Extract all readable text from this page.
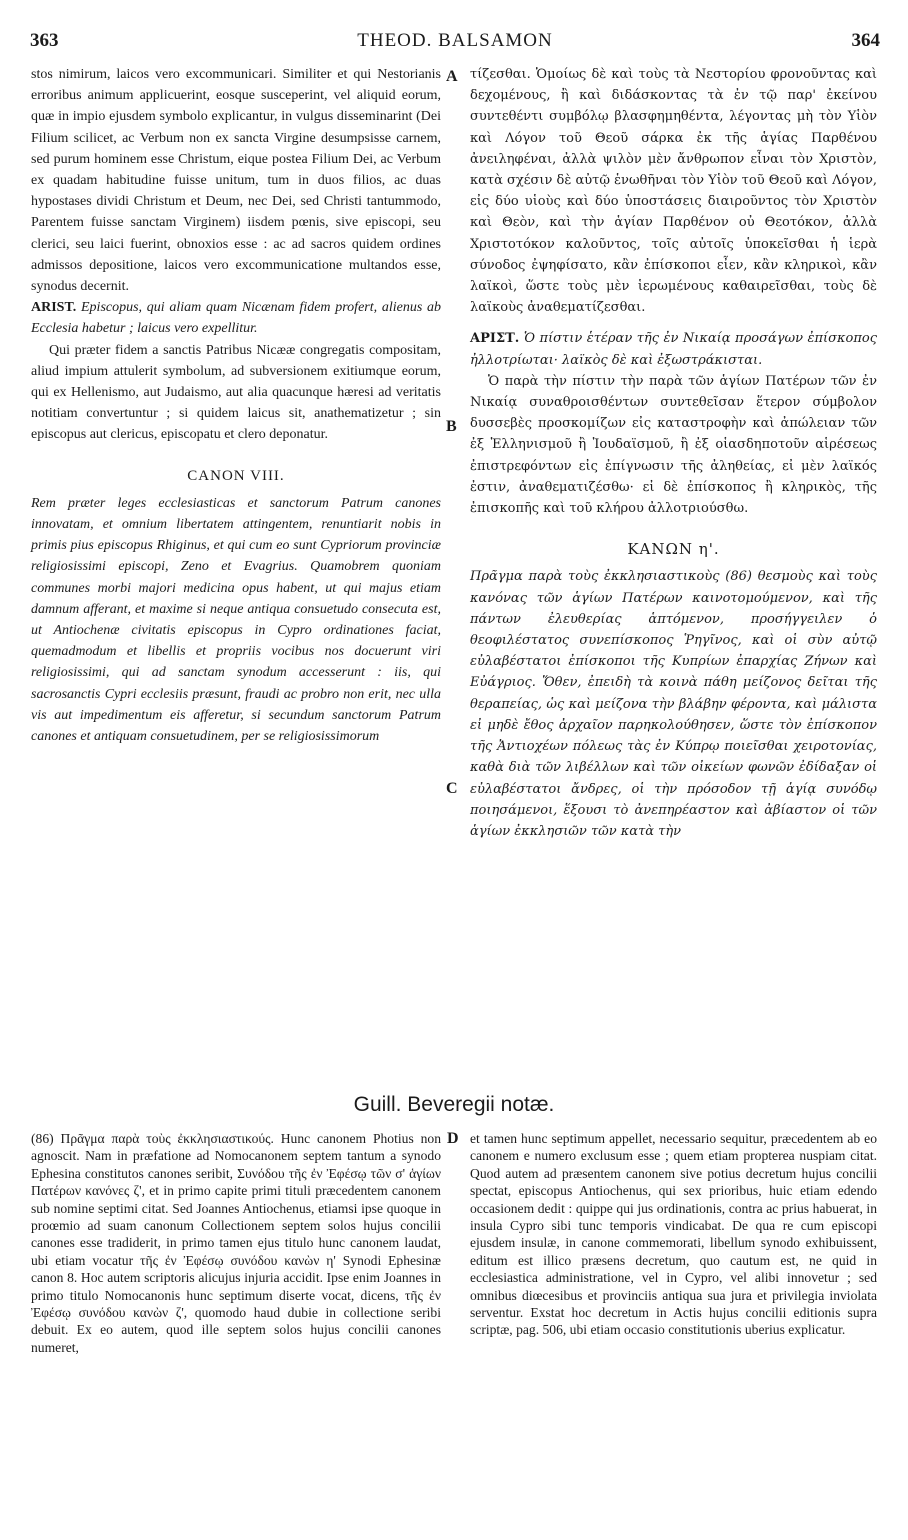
363	THEOD. BALSAMON	364
A
B
C
D

stos nimirum, laicos vero excommunicari. Similiter et qui Nestorianis erroribus animum applicuerint, eosque susceperint, vel aliquid eorum, quæ in impio ejusdem symbolo explicantur, in vulgus disseminarint (Dei Filium scilicet, ac Verbum non ex sancta Virgine desumpsisse carnem, sed purum hominem esse Christum, eique postea Filium Dei, ac Verbum ex quadam habitudine fuisse unitum, tum in duos filios, ac duas hypostases dividi Christum et Deum, nec Dei, sed Christi tantummodo, Parentem fuisse sanctam Virginem) iisdem pœnis, sive episcopi, seu clerici, seu laici fuerint, obnoxios esse : ac ad sacros quidem ordines admissos depositione, laicos vero excommunicatione multandos esse, synodus decernit.

ARIST. Episcopus, qui aliam quam Nicænam fidem profert, alienus ab Ecclesia habetur ; laicus vero expellitur.

Qui præter fidem a sanctis Patribus Nicææ congregatis compositam, aliud impium attulerit symbolum, ad subversionem exitiumque eorum, qui ex Hellenismo, aut Judaismo, aut alia quacunque hæresi ad veritatis notitiam convertuntur ; si quidem laicus sit, anathematizetur ; sin episcopus aut clericus, episcopatu et clero deponatur.

CANON VIII.

Rem præter leges ecclesiasticas et sanctorum Patrum canones innovatam, et omnium libertatem attingentem, renuntiarit nobis in primis pius episcopus Rhiginus, et qui cum eo sunt Cypriorum provinciæ religiosissimi episcopi, Zeno et Evagrius. Quamobrem quoniam communes morbi majori medicina opus habent, ut qui majus etiam damnum afferant, et maxime si neque antiqua consuetudo consecuta est, ut Antiochenæ civitatis episcopus in Cypro ordinationes faciat, quemadmodum et libellis et propriis vocibus nos docuerunt viri religiosissimi, qui ad sanctam synodum accesserunt : iis, qui sacrosanctis Cypri ecclesiis præsunt, fraudi ac probro non erit, nec ulla vis aut impedimentum eis afferetur, si secundum sanctorum Patrum canones et antiquam consuetudinem, per se religiosissimorum

τίζεσθαι. Ὁμοίως δὲ καὶ τοὺς τὰ Νεστορίου φρονοῦντας καὶ δεχομένους, ἢ καὶ διδάσκοντας τὰ ἐν τῷ παρ' ἐκείνου συντεθέντι συμβόλῳ βλασφημηθέντα, λέγοντας μὴ τὸν Υἱὸν καὶ Λόγον τοῦ Θεοῦ σάρκα ἐκ τῆς ἁγίας Παρθένου ἀνειληφέναι, ἀλλὰ ψιλὸν μὲν ἄνθρωπον εἶναι τὸν Χριστὸν, κατὰ σχέσιν δὲ αὐτῷ ἑνωθῆναι τὸν Υἱὸν τοῦ Θεοῦ καὶ Λόγον, εἰς δύο υἱοὺς καὶ δύο ὑποστάσεις διαιροῦντος τὸν Χριστὸν καὶ Θεὸν, καὶ τὴν ἁγίαν Παρθένον οὐ Θεοτόκον, ἀλλὰ Χριστοτόκον καλοῦντος, τοῖς αὐτοῖς ὑποκεῖσθαι ἡ ἱερὰ σύνοδος ἐψηφίσατο, κἂν ἐπίσκοποι εἶεν, κἂν κληρικοὶ, κἂν λαϊκοὶ, ὥστε τοὺς μὲν ἱερωμένους καθαιρεῖσθαι, τοὺς δὲ λαϊκοὺς ἀναθεματίζεσθαι.

ΑΡΙΣΤ. Ὁ πίστιν ἑτέραν τῆς ἐν Νικαίᾳ προσάγων ἐπίσκοπος ἠλλοτρίωται· λαϊκὸς δὲ καὶ ἐξωστράκισται.

Ὁ παρὰ τὴν πίστιν τὴν παρὰ τῶν ἁγίων Πατέρων τῶν ἐν Νικαίᾳ συναθροισθέντων συντεθεῖσαν ἕτερον σύμβολον δυσσεβὲς προσκομίζων εἰς καταστροφὴν καὶ ἀπώλειαν τῶν ἐξ Ἑλληνισμοῦ ἢ Ἰουδαϊσμοῦ, ἢ ἐξ οἱασδηποτοῦν αἱρέσεως ἐπιστρεφόντων εἰς ἐπίγνωσιν τῆς ἀληθείας, εἰ μὲν λαϊκός ἐστιν, ἀναθεματιζέσθω· εἰ δὲ ἐπίσκοπος ἢ κληρικὸς, τῆς ἐπισκοπῆς καὶ τοῦ κλήρου ἀλλοτριούσθω.

ΚΑΝΩΝ η'.

Πρᾶγμα παρὰ τοὺς ἐκκλησιαστικοὺς (86) θεσμοὺς καὶ τοὺς κανόνας τῶν ἁγίων Πατέρων καινοτομούμενον, καὶ τῆς πάντων ἐλευθερίας ἁπτόμενον, προσήγγειλεν ὁ θεοφιλέστατος συνεπίσκοπος Ῥηγῖνος, καὶ οἱ σὺν αὐτῷ εὐλαβέστατοι ἐπίσκοποι τῆς Κυπρίων ἐπαρχίας Ζήνων καὶ Εὐάγριος. Ὅθεν, ἐπειδὴ τὰ κοινὰ πάθη μείζονος δεῖται τῆς θεραπείας, ὡς καὶ μείζονα τὴν βλάβην φέροντα, καὶ μάλιστα εἰ μηδὲ ἔθος ἀρχαῖον παρηκολούθησεν, ὥστε τὸν ἐπίσκοπον τῆς Ἀντιοχέων πόλεως τὰς ἐν Κύπρῳ ποιεῖσθαι χειροτονίας, καθὰ διὰ τῶν λιβέλλων καὶ τῶν οἰκείων φωνῶν ἐδίδαξαν οἱ εὐλαβέστατοι ἄνδρες, οἱ τὴν πρόσοδον τῇ ἁγίᾳ συνόδῳ ποιησάμενοι, ἕξουσι τὸ ἀνεπηρέαστον καὶ ἀβίαστον οἱ τῶν ἁγίων ἐκκλησιῶν τῶν κατὰ τὴν

Guill. Beveregii notæ.

(86) Πρᾶγμα παρὰ τοὺς ἐκκλησιαστικούς. Hunc canonem Photius non agnoscit. Nam in præfatione ad Nomocanonem septem tantum a synodo Ephesina constitutos canones seribit, Συνόδου τῆς ἐν Ἐφέσῳ τῶν σ' ἁγίων Πατέρων κανόνες ζ', et in primo capite primi tituli præcedentem canonem sub nomine septimi citat. Sed Joannes Antiochenus, etiamsi ipse quoque in proœmio ad suam canonum Collectionem septem solos hujus concilii canones esse tradiderit, in primo tamen ejus titulo hunc canonem laudat, ubi etiam vocatur τῆς ἐν Ἐφέσῳ συνόδου κανὼν η' Synodi Ephesinæ canon 8. Hoc autem scriptoris alicujus injuria accidit. Ipse enim Joannes in primo titulo Nomocanonis hunc septimum diserte vocat, dicens, τῆς ἐν Ἐφέσῳ συνόδου κανὼν ζ', quomodo haud dubie in collectione seribi debuit. Ex eo autem, quod ille septem solos hujus concilii canones numeret,

et tamen hunc septimum appellet, necessario sequitur, præcedentem ab eo canonem e numero exclusum esse ; quem etiam propterea nuspiam citat. Quod autem ad præsentem canonem sive potius decretum hujus concilii spectat, episcopus Antiochenus, qui sex prioribus, huic etiam edendo occasionem dedit : quippe qui jus ordinationis, contra ac prius habuerat, in insula Cypro sibi tunc temporis vindicabat. De qua re cum episcopi ejusdem insulæ, in canone commemorati, libellum synodo exhibuissent, editum est illico præsens decretum, quo cautum est, ne quid in ecclesiastica administratione, vel in Cypro, vel alibi innovetur ; sed omnibus diœcesibus et provinciis antiqua sua jura et privilegia inviolata serventur. Exstat hoc decretum in Actis hujus concilii editionis supra scriptæ, pag. 506, ubi etiam occasio constitutionis uberius explicatur.
